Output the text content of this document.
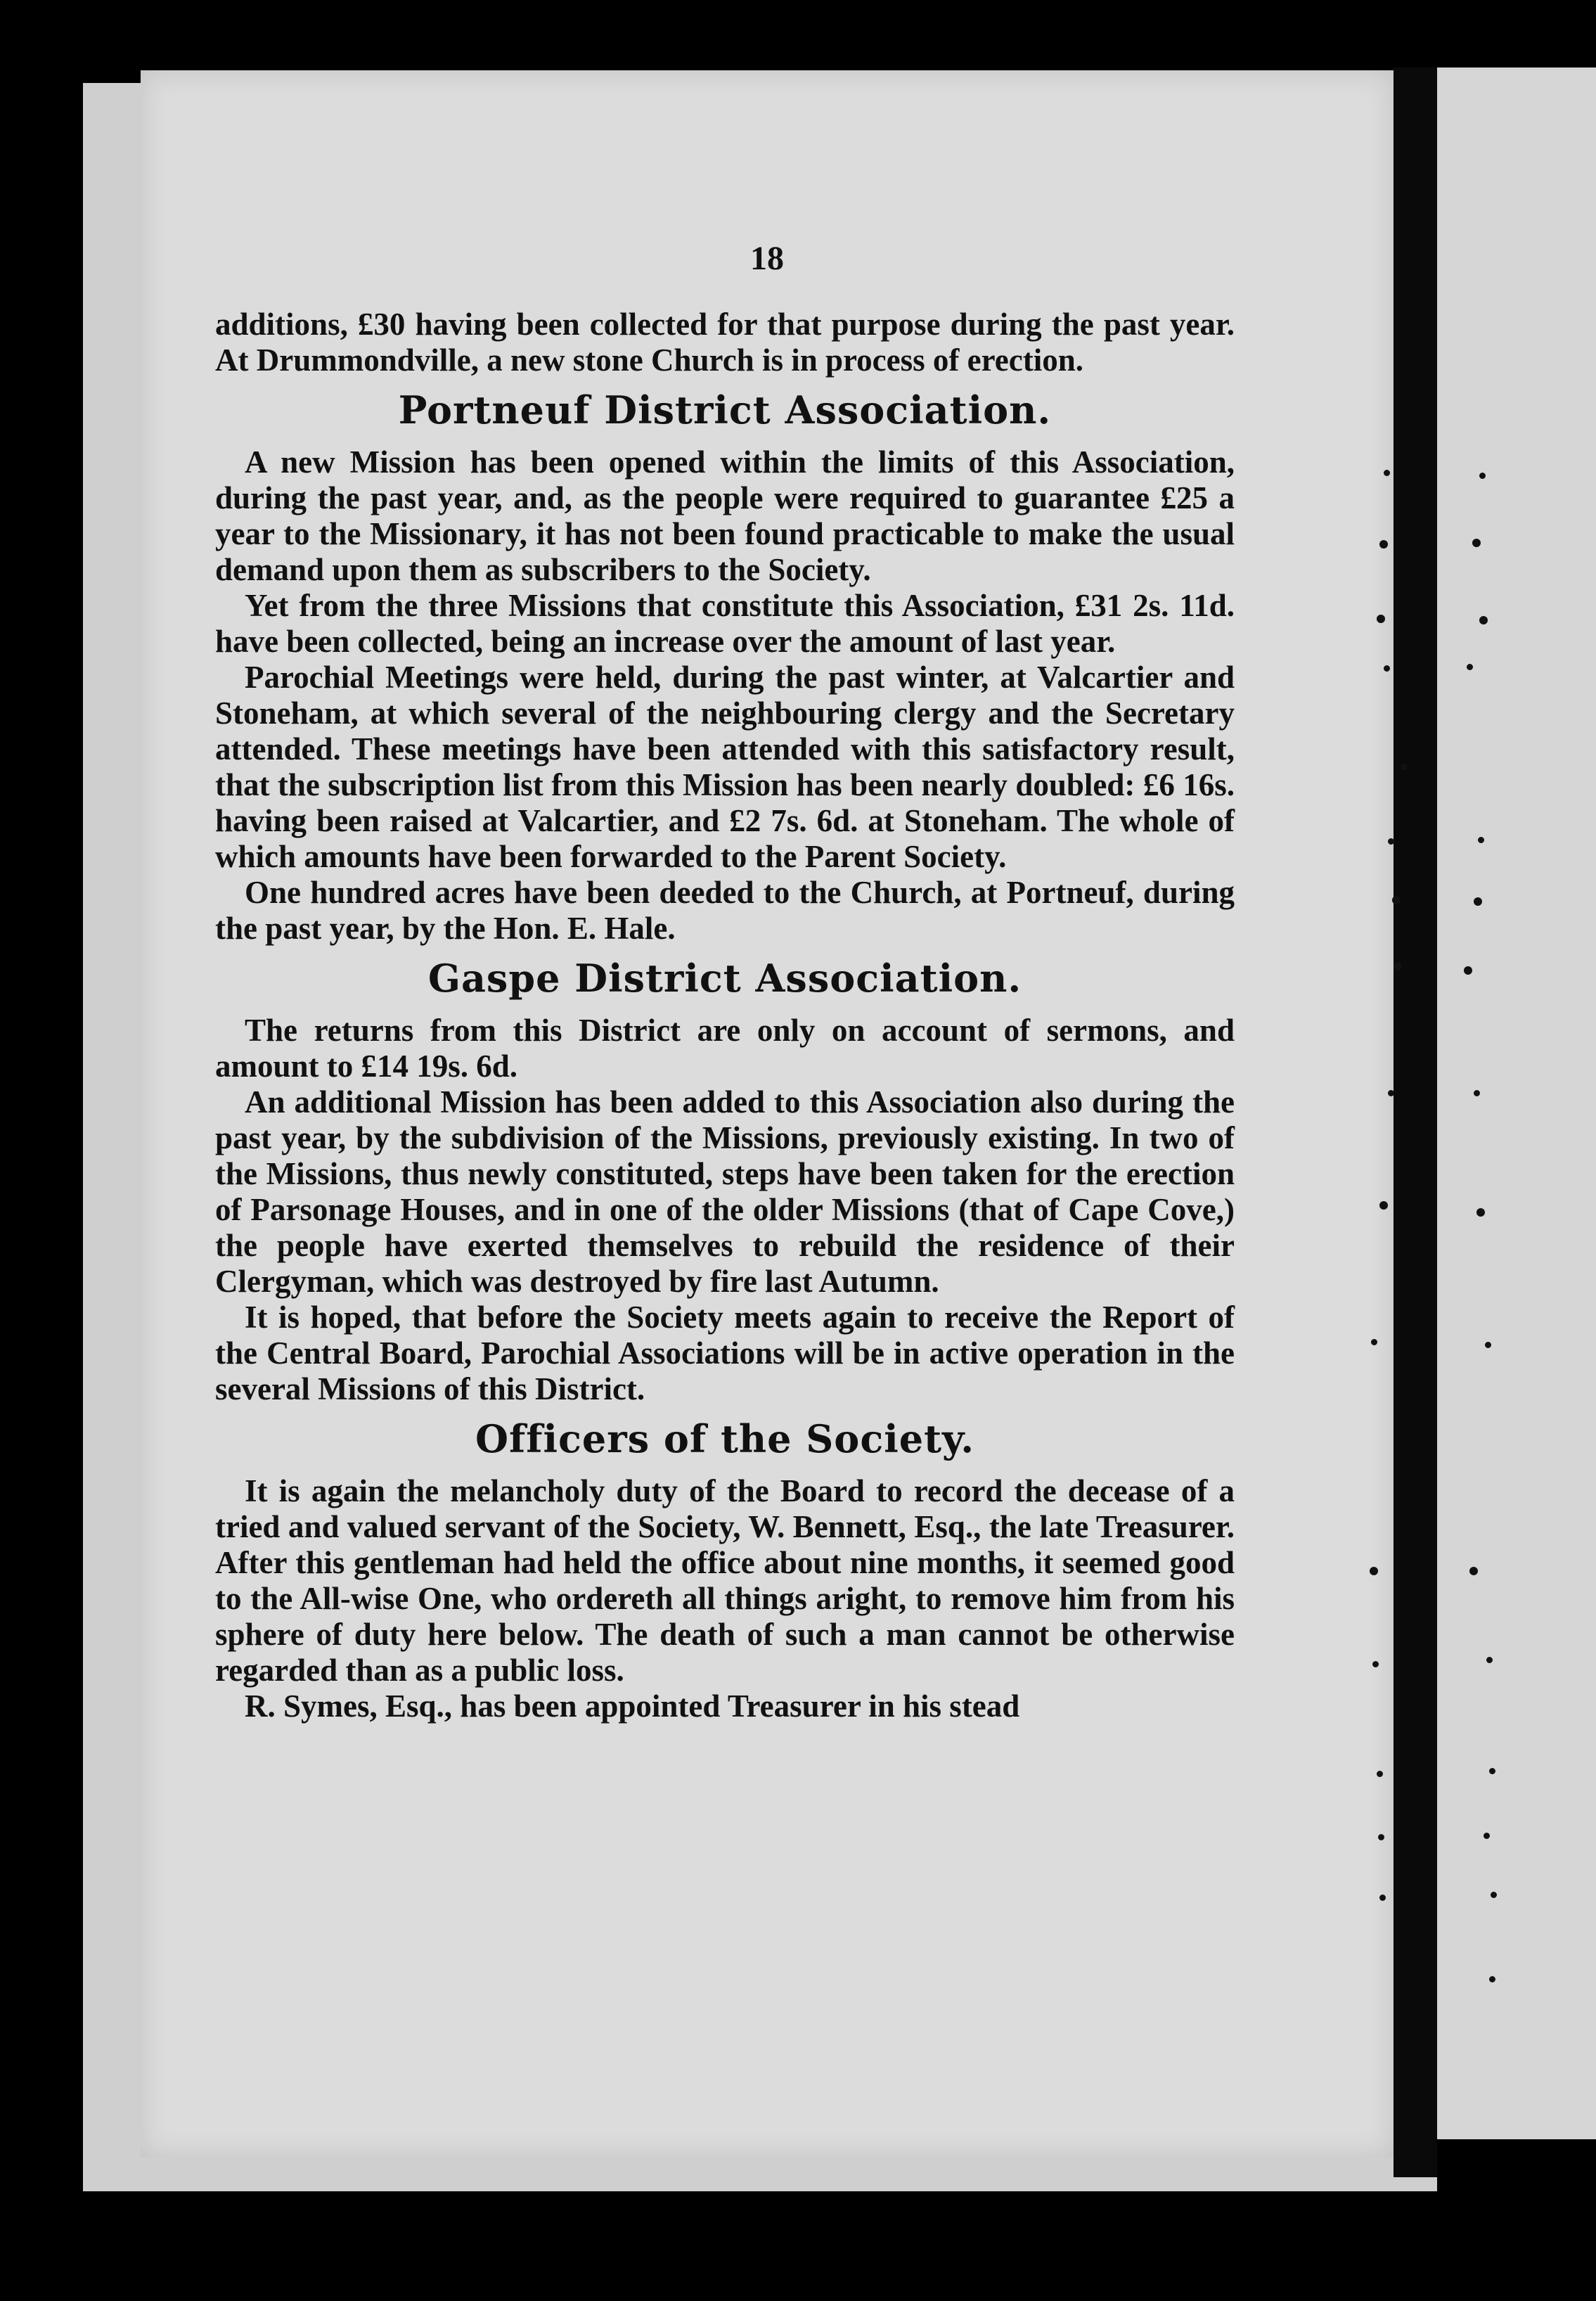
18

additions, £30 having been collected for that purpose during the past year. At Drummondville, a new stone Church is in process of erection.

Portneuf District Association.

A new Mission has been opened within the limits of this Association, during the past year, and, as the people were required to guarantee £25 a year to the Missionary, it has not been found practicable to make the usual demand upon them as subscribers to the Society.

Yet from the three Missions that constitute this Association, £31 2s. 11d. have been collected, being an increase over the amount of last year.

Parochial Meetings were held, during the past winter, at Valcartier and Stoneham, at which several of the neighbouring clergy and the Secretary attended. These meetings have been attended with this satisfactory result, that the subscription list from this Mission has been nearly doubled: £6 16s. having been raised at Valcartier, and £2 7s. 6d. at Stoneham. The whole of which amounts have been forwarded to the Parent Society.

One hundred acres have been deeded to the Church, at Portneuf, during the past year, by the Hon. E. Hale.

Gaspe District Association.

The returns from this District are only on account of sermons, and amount to £14 19s. 6d.

An additional Mission has been added to this Association also during the past year, by the subdivision of the Missions, previously existing. In two of the Missions, thus newly constituted, steps have been taken for the erection of Parsonage Houses, and in one of the older Missions (that of Cape Cove,) the people have exerted themselves to rebuild the residence of their Clergyman, which was destroyed by fire last Autumn.

It is hoped, that before the Society meets again to receive the Report of the Central Board, Parochial Associations will be in active operation in the several Missions of this District.

Officers of the Society.

It is again the melancholy duty of the Board to record the decease of a tried and valued servant of the Society, W. Bennett, Esq., the late Treasurer. After this gentleman had held the office about nine months, it seemed good to the All-wise One, who ordereth all things aright, to remove him from his sphere of duty here below. The death of such a man cannot be otherwise regarded than as a public loss.

R. Symes, Esq., has been appointed Treasurer in his stead
